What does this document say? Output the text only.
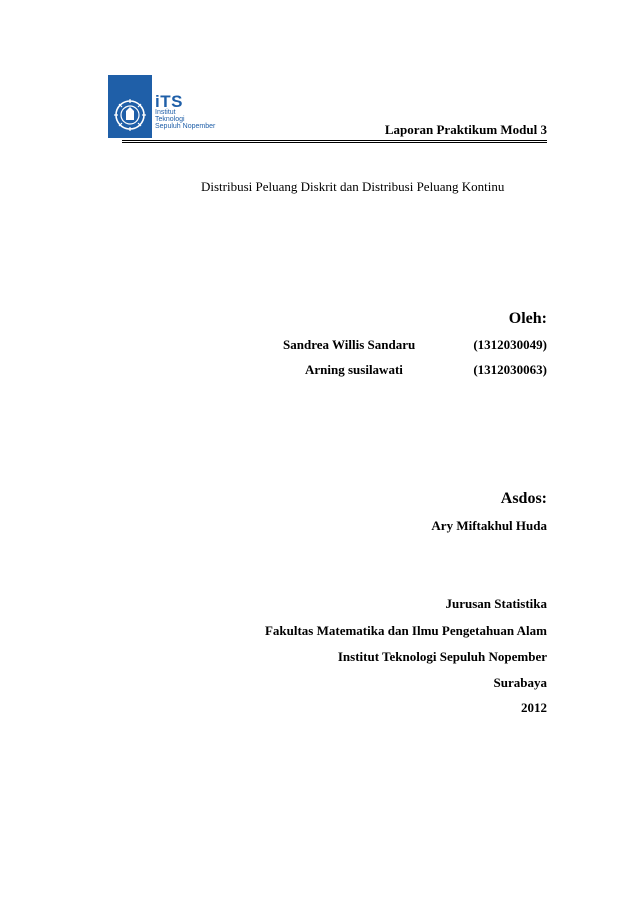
iTS
Institut
Teknologi
Sepuluh Nopember	Laporan Praktikum Modul 3
Distribusi Peluang Diskrit dan Distribusi Peluang Kontinu
Oleh:
Sandrea Willis Sandaru	(1312030049)
Arning susilawati	(1312030063)
Asdos:
Ary Miftakhul Huda
Jurusan Statistika
Fakultas Matematika dan Ilmu Pengetahuan Alam
Institut Teknologi Sepuluh Nopember
Surabaya
2012
